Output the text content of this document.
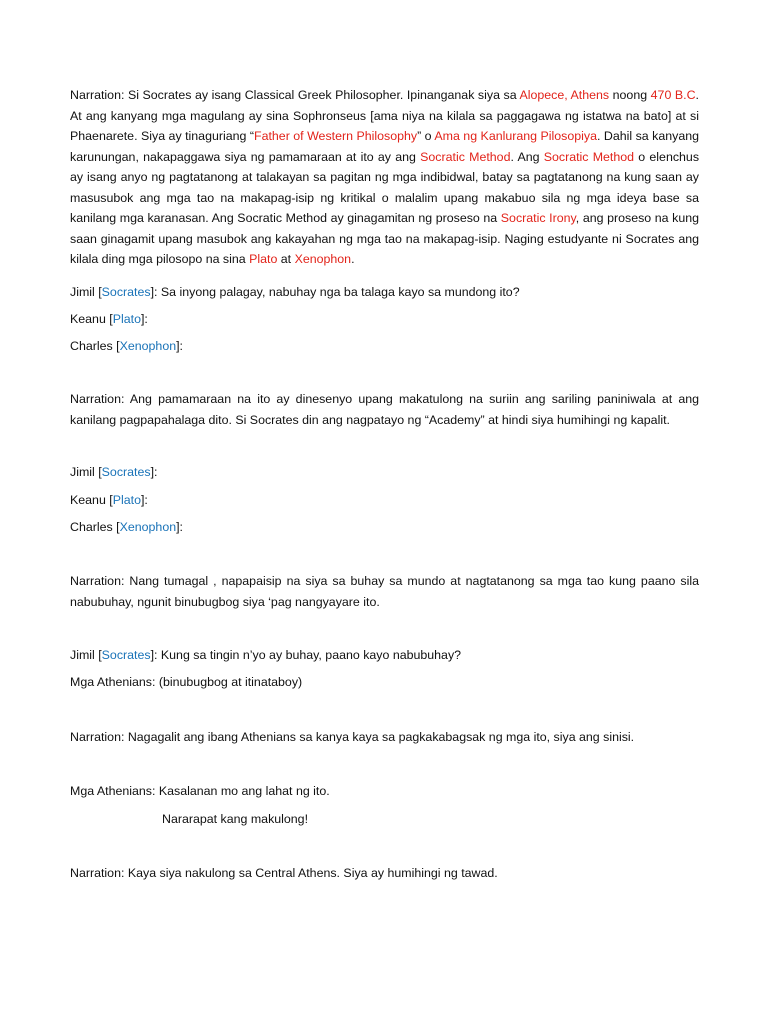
Narration: Si Socrates ay isang Classical Greek Philosopher. Ipinanganak siya sa Alopece, Athens noong 470 B.C. At ang kanyang mga magulang ay sina Sophronseus [ama niya na kilala sa paggagawa ng istatwa na bato] at si Phaenarete. Siya ay tinaguriang “Father of Western Philosophy” o Ama ng Kanlurang Pilosopiya. Dahil sa kanyang karunungan, nakapaggawa siya ng pamamaraan at ito ay ang Socratic Method. Ang Socratic Method o elenchus ay isang anyo ng pagtatanong at talakayan sa pagitan ng mga indibidwal, batay sa pagtatanong na kung saan ay masusubok ang mga tao na makapag-isip ng kritikal o malalim upang makabuo sila ng mga ideya base sa kanilang mga karanasan. Ang Socratic Method ay ginagamitan ng proseso na Socratic Irony, ang proseso na kung saan ginagamit upang masubok ang kakayahan ng mga tao na makapag-isip. Naging estudyante ni Socrates ang kilala ding mga pilosopo na sina Plato at Xenophon.

Jimil [Socrates]: Sa inyong palagay, nabuhay nga ba talaga kayo sa mundong ito?
Keanu [Plato]:
Charles [Xenophon]:

Narration: Ang pamamaraan na ito ay dinesenyo upang makatulong na suriin ang sariling paniniwala at ang kanilang pagpapahalaga dito. Si Socrates din ang nagpatayo ng “Academy” at hindi siya humihingi ng kapalit.

Jimil [Socrates]:
Keanu [Plato]:
Charles [Xenophon]:

Narration: Nang tumagal , napapaisip na siya sa buhay sa mundo at nagtatanong sa mga tao kung paano sila nabubuhay, ngunit binubugbog siya ‘pag nangyayare ito.

Jimil [Socrates]: Kung sa tingin n’yo ay buhay, paano kayo nabubuhay?
Mga Athenians: (binubugbog at itinataboy)
Narration: Nagagalit ang ibang Athenians sa kanya kaya sa pagkakabagsak ng mga ito, siya ang sinisi.
Mga Athenians: Kasalanan mo ang lahat ng ito.
Nararapat kang makulong!
Narration: Kaya siya nakulong sa Central Athens. Siya ay humihingi ng tawad.
